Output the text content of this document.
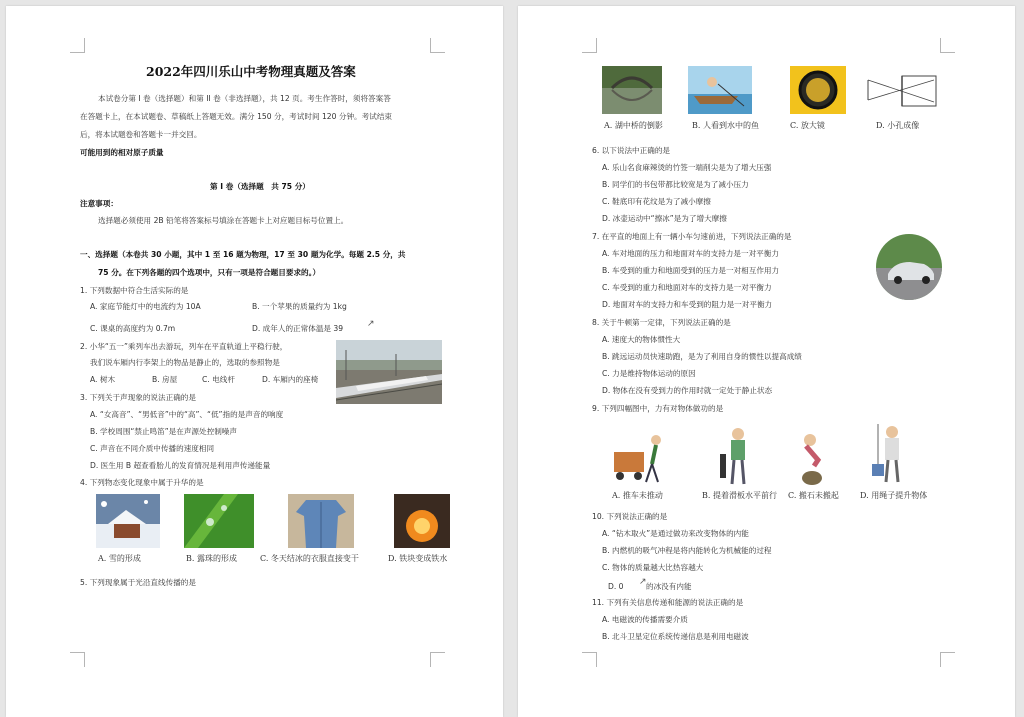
2022年四川乐山中考物理真题及答案
本试卷分第 I 卷（选择题）和第 II 卷（非选择题），共 12 页。考生作答时，须将答案答
在答题卡上，在本试题卷、草稿纸上答题无效。满分 150 分，考试时间 120 分钟。考试结束
后，将本试题卷和答题卡一并交回。
可能用到的相对原子质量
第 I 卷（选择题　共 75 分）
注意事项：
选择题必须使用 2B 铅笔将答案标号填涂在答题卡上对应题目标号位置上。
一、选择题（本卷共 30 小题，其中 1 至 16 题为物理，17 至 30 题为化学。每题 2.5 分，共
75 分。在下列各题的四个选项中，只有一项是符合题目要求的。）
1. 下列数据中符合生活实际的是
A. 家庭节能灯中的电流约为 10A	B. 一个苹果的质量约为 1kg
C. 课桌的高度约为 0.7m	D. 成年人的正常体温是 39	↗
2. 小华“五一”乘列车出去游玩，列车在平直轨道上平稳行驶，
我们说车厢内行李架上的物品是静止的，选取的参照物是
A. 树木	B. 房屋	C. 电线杆	D. 车厢内的座椅
3. 下列关于声现象的说法正确的是
A. “女高音”、“男低音”中的“高”、“低”指的是声音的响度
B. 学校周围“禁止鸣笛”是在声源处控制噪声
C. 声音在不同介质中传播的速度相同
D. 医生用 B 超查看胎儿的发育情况是利用声传递能量
4. 下列物态变化现象中属于升华的是
A. 雪的形成	B. 露珠的形成	C. 冬天结冰的衣服直接变干	D. 铁块变成铁水
5. 下列现象属于光沿直线传播的是
A. 湖中桥的倒影	B. 人看到水中的鱼	C. 放大镜	D. 小孔成像
6. 以下说法中正确的是
A. 乐山名食麻辣烫的竹签一端削尖是为了增大压强
B. 同学们的书包带都比较宽是为了减小压力
C. 鞋底印有花纹是为了减小摩擦
D. 冰壶运动中“擦冰”是为了增大摩擦
7. 在平直的地面上有一辆小车匀速前进，下列说法正确的是
A. 车对地面的压力和地面对车的支持力是一对平衡力
B. 车受到的重力和地面受到的压力是一对相互作用力
C. 车受到的重力和地面对车的支持力是一对平衡力
D. 地面对车的支持力和车受到的阻力是一对平衡力
8. 关于牛顿第一定律，下列说法正确的是
A. 速度大的物体惯性大
B. 跳远运动员快速助跑，是为了利用自身的惯性以提高成绩
C. 力是维持物体运动的原因
D. 物体在没有受到力的作用时就一定处于静止状态
9. 下列四幅图中，力有对物体做功的是
A. 推车未推动	B. 提着滑板水平前行 C. 搬石未搬起	D. 用绳子提升物体
10. 下列说法正确的是
A. “钻木取火”是通过做功来改变物体的内能
B. 内燃机的吸气冲程是将内能转化为机械能的过程
C. 物体的质量越大比热容越大
D. 0 ↗ 的冰没有内能
11. 下列有关信息传递和能源的说法正确的是
A. 电磁波的传播需要介质
B. 北斗卫星定位系统传递信息是利用电磁波
